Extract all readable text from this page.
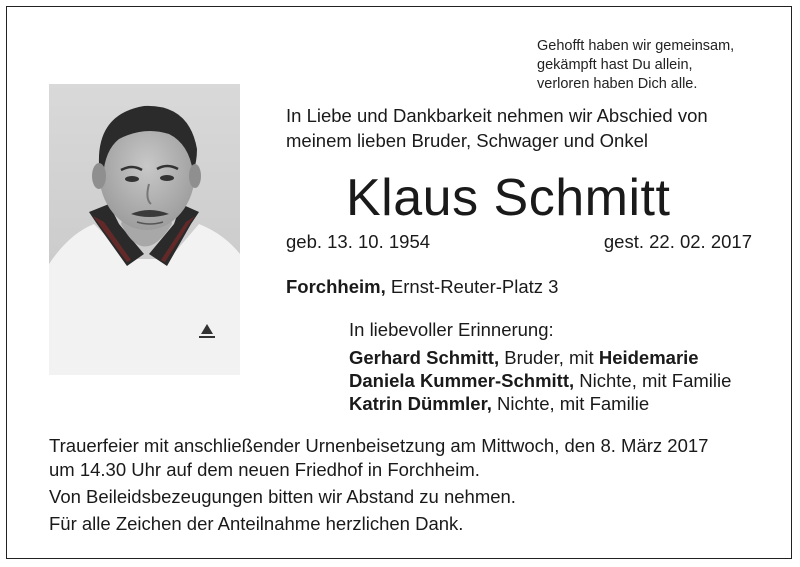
Gehofft haben wir gemeinsam,
gekämpft hast Du allein,
verloren haben Dich alle.
In Liebe und Dankbarkeit nehmen wir Abschied von
meinem lieben Bruder, Schwager und Onkel
Klaus Schmitt
geb. 13. 10. 1954	gest. 22. 02. 2017
Forchheim, Ernst-Reuter-Platz 3
In liebevoller Erinnerung:
Gerhard Schmitt, Bruder, mit Heidemarie
Daniela Kummer-Schmitt, Nichte, mit Familie
Katrin Dümmler, Nichte, mit Familie
Trauerfeier mit anschließender Urnenbeisetzung am Mittwoch, den 8. März 2017
um 14.30 Uhr auf dem neuen Friedhof in Forchheim.
Von Beileidsbezeugungen bitten wir Abstand zu nehmen.
Für alle Zeichen der Anteilnahme herzlichen Dank.
